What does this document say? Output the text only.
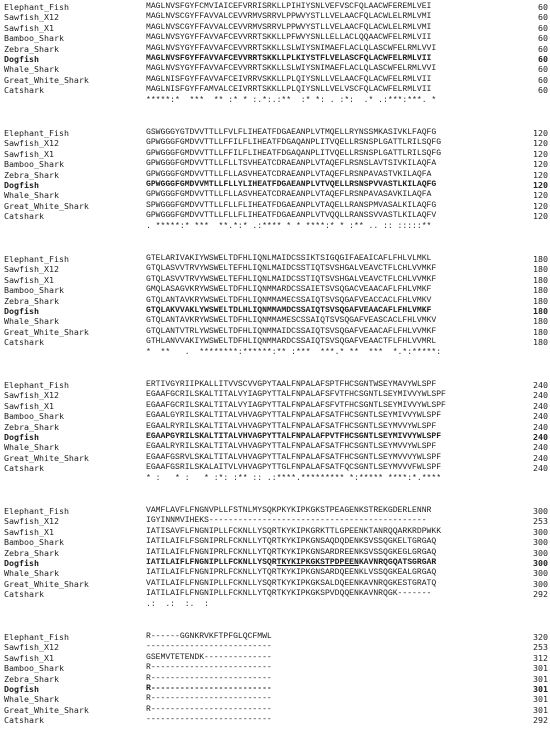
Elephant_Fish	MAGLNVSFGYFCMVIAICEFVRRISRKLLPIHIYSNLVEFVSCFQLAACWFEREMLVEI	60
Sawfish_X12	MAGLNVSCGYFFAVVALCEVVRMVSRRVLPPWVYSTLLVELAACFQLACWLELRMLVMI	60
Sawfish_X1	MAGLNVSCGYFFAVVALCEVVRMVSRRVLPPWVYSTLLVELAACFQLACWLELRMLVMI	60
Bamboo_Shark	MAGLNVSYGYFFAVVAFCEVVRRTSKKLLPFWVYSNLLELLACLQQAACWFELRMLVII	60
Zebra_Shark	MAGLNVSYGYFFAVVAFCEVVRRTSKKLLSLWIYSNIMAEFLACLQLASCWFELRMLVVI	60
Dogfish	MAGLNVSFGYFFAVVAFCEVVRRTSKKLLPLKIYSTFLVELASCFQLACWFELRMLVII	60
Whale_Shark	MAGLNVSYGYFFAVVAFCEVVRRTSKKLLSLWIYSNIMAEFLACLQLASCWFELRMLVVI	60
Great_White_Shark	MAGLNISFGYFFAVVAFCEIVRRVSKKLLPLQIYSNLLVELAACFQLACWFELRMLVII	60
Catshark	MAGLNISFGYFFAMVALCEIVRRTSKKLLPLQIYSNLLVELVSCFQLACWFELRMLVII	60
*****:*  ***  ** :* * :.*:.:**  :* *: . :*:  .* .:***:***. *
Elephant_Fish	GSWGGGYGTDVVTTLLFVLFLIHEATFDGAEANPLVTMQELLRYNSSMKASIVKLFAQFG	120
Sawfish_X12	GPWGGGFGMDVVTTLLFFILFLIHEATFDGAQANPLITVQELLRSNSPLGATTLRILSQFG	120
Sawfish_X1	GPWGGGFGMDVVTTLLFFILFLIHEATFDGAQANPLITVQELLRSNSPLGATTLRILSQFG	120
Bamboo_Shark	GPWGGGFGMDVVTTLLFLLTSVHEATCDRAEANPLVTAQEFLRSNSLAVTSIVKILAQFA	120
Zebra_Shark	GPWGGGFGMDVVTTLLFLLASVHEATCDRAEANPLVTAQEFLRSNPAVASTVKILAQFA	120
Dogfish	GPWGGGFGMDVVMTLLFLLYLIHEATFDGAEANPLVTVQELLRSNSPVVASTLKILAQFG	120
Whale_Shark	GPWGGGFGMDVVTTLLFLLASVHEATCDRAEANPLVTAQEFLRSNPAVASAVKILAQFA	120
Great_White_Shark	SPWGGGFGMDVVTTLLFLLFLIHEATFDGAEANPLVTAQELLRANSPMVASALKILAQFG	120
Catshark	GPWGGGFGMDVVTTLLFLLFLIHEATFDGAEANPLVTVQQLLRANSSVVASTLKILAQFV	120
. *****:* ***  **.*:* .:**** * * ****:* * :** .. :: :::::**
Elephant_Fish	GTELARIVAKIYWSWELTDFHLIQNLMAIDCSSIKTSIGQGIFAEAICAFLFHLVLMKL	180
Sawfish_X12	GTQLASVVTRVYWSWELTEFHLIQNLMAIDCSSTIQTSVSHGALVEAVCTFLCHLVVMKF	180
Sawfish_X1	GTQLASVVTRVYWSWELTEFHLIQNLMAIDCSSTIQTSVSHGALVEAVCTFLCHLVVMKF	180
Bamboo_Shark	GMQLASAGVKRYWSWELTDFHLIQNMMARDCSSAIETSVSQGACVEAACAFLFHLVMKF	180
Zebra_Shark	GTQLANTAVKRYWSWELTDFHLIQNMMAMECSSAIQTSVSQGAFVEACCACLFHLVMKV	180
Dogfish	GTQLAKVVAKLYWSWELTDLHLIQNMMAMDCSSAIQTSVSQGAFVEAACAFLFHLVMKF	180
Whale_Shark	GTQLANTAVKRYWSWELTDFHLIQNMMAMESCSSAIQTSVSQGAFVEASCACLFHLVMKV	180
Great_White_Shark	GTQLANTVTRLYWSWELTDFHLIQNMMAIDCSSAIQTSVSQGAFVEAACAFLFHLVVMKF	180
Catshark	GTHLANVVAKIYWSWELTDFHLIQNMMARDCSSAIQTSVSQGAFVEAACTFLFHLVVMRL	180
*  **   .  ********:******:** :***  ***.* **  ***  *.*:*****:
Elephant_Fish	ERTIVGYRIIPKALLITVVSCVVGPYTAALFNPALAFSPTFHCSGNTWSEYMAVYWLSPF	240
Sawfish_X12	EGAAFGCRILSKALTITALVYIAGPYTTALFNPALAFSFVTFHCSGNTLSEYMIVVYWLSPF	240
Sawfish_X1	EGAAFGCRILSKALTITALVYIAGPYTTALFNPALAFSFVTFHCSGNTLSEYMIVVYWLSPF	240
Bamboo_Shark	EGAALGYRILSKALTITALVHVAGPYTTALFNPALAFSATFHCSGNTLSEYMIVVYWLSPF	240
Zebra_Shark	EGAALRYRILSKALTITALVHVAGPYTTALFNPALAFSATFHCSGNTLSEYMVVYWLSPF	240
Dogfish	EGAAPGYRILSKALTITALVHVAGPYTTALFNPALAFPVTFHCSGNTLSEYMIVVYWLSPF	240
Whale_Shark	EGAALRYRILSKALTITALVHVAGPYTTALFNPALAFSATFHCSGNTLSEYMVVYWLSPF	240
Great_White_Shark	EGAAFGSRVLSKALTITALVHVAGPYTTALFNPALAFSATFHCSGNTLSEYMVVVYWLSPF	240
Catshark	EGAAFGSRILSKALAITVLVHVAGPYTTGLFNPALAFSATFQCSGNTLSEYMVVVFWLSPF	240
* :   * :   * :*: :** :: .:****.********* *:***** ****:*.****
Elephant_Fish	VAMFLAVFLFNGNVPLLFSTNLMYSQKPKYKIPKGKSTPEAGENKSTREKGDERLENNR	300
Sawfish_X12	IGYINNMVIHEKS---------------------------------------------	253
Sawfish_X1	IATISAVFLFNGNIPLLFCKNLLYSQRTKYKIPKGRKTTLGPEENKTANRQQARKRDPWKK	300
Bamboo_Shark	IATILAIFLFSGNIPRLFCKNLLYTQRTKYKIPKGNSAQDQDENKSVSSQGKELTGRGAQ	300
Zebra_Shark	IATILAIFLFNGNIPRLFCKNLLYTQRTKYKIPKGNSARDREENKSVSSQGKEGLGRGAQ	300
Dogfish	IATILAIFLFNGNIPLLFCKNLLYSQRTKYKIPKGKSTPDPEENKAVNRQGQATSGRGAR	300
Whale_Shark	IATILAIFLFNGNIPRLFCKNLLYTQRTKYKIPKGNSARDQEENKLVSSQGKEALGRGAQ	300
Great_White_Shark	VATILAIFLFNGNIPLLFCKNLLYSQRTKYKIPKGKSALDQEENKAVNRQGKESTGRATQ	300
Catshark	IATILAIFLFNGNIPLLFCKNLLYTQRTKYKIPKGKSPVDQQENKAVNRQGK-------	292
.:  .:  :.  :
Elephant_Fish	R------GGNKRVKFTPFGLQCFMWL	320
Sawfish_X12	--------------------------	253
Sawfish_X1	GSEMVTETENDK--------------	312
Bamboo_Shark	R-------------------------	301
Zebra_Shark	R-------------------------	301
Dogfish	R-------------------------	301
Whale_Shark	R-------------------------	301
Great_White_Shark	R-------------------------	301
Catshark	--------------------------	292
